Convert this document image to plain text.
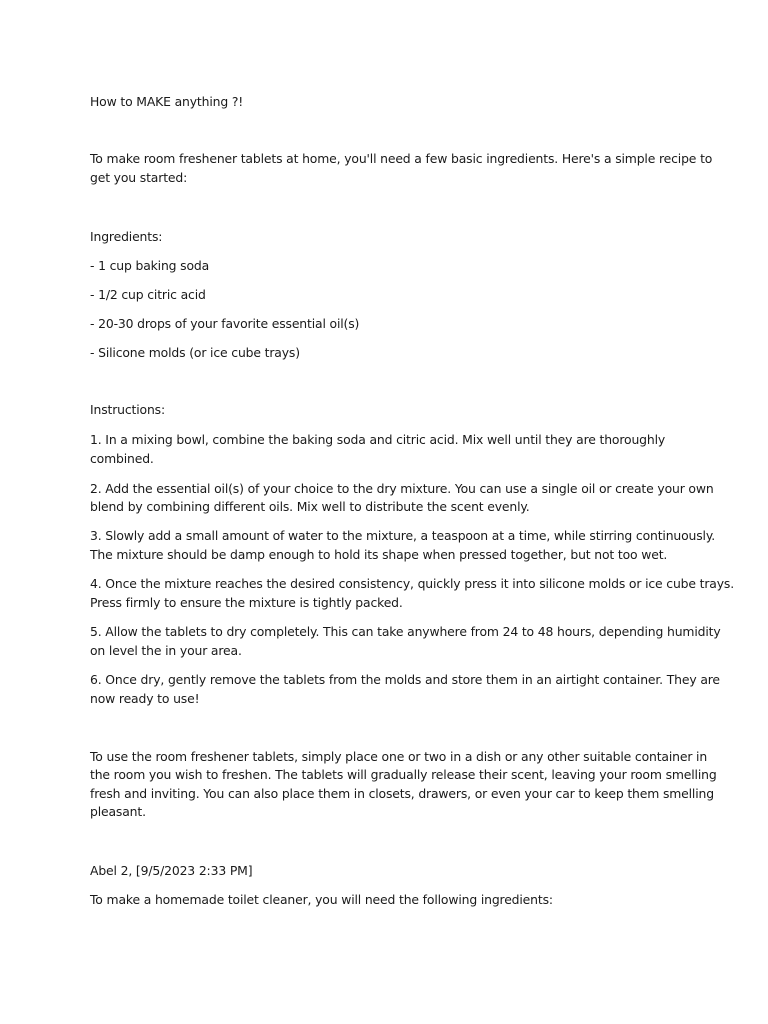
How to MAKE anything ?!
To make room freshener tablets at home, you'll need a few basic ingredients. Here's a simple recipe to
get you started:
Ingredients:
- 1 cup baking soda
- 1/2 cup citric acid
- 20-30 drops of your favorite essential oil(s)
- Silicone molds (or ice cube trays)
Instructions:
1. In a mixing bowl, combine the baking soda and citric acid. Mix well until they are thoroughly
combined.
2. Add the essential oil(s) of your choice to the dry mixture. You can use a single oil or create your own
blend by combining different oils. Mix well to distribute the scent evenly.
3. Slowly add a small amount of water to the mixture, a teaspoon at a time, while stirring continuously.
The mixture should be damp enough to hold its shape when pressed together, but not too wet.
4. Once the mixture reaches the desired consistency, quickly press it into silicone molds or ice cube trays.
Press firmly to ensure the mixture is tightly packed.
5. Allow the tablets to dry completely. This can take anywhere from 24 to 48 hours, depending humidity
on level the in your area.
6. Once dry, gently remove the tablets from the molds and store them in an airtight container. They are
now ready to use!
To use the room freshener tablets, simply place one or two in a dish or any other suitable container in
the room you wish to freshen. The tablets will gradually release their scent, leaving your room smelling
fresh and inviting. You can also place them in closets, drawers, or even your car to keep them smelling
pleasant.
Abel 2, [9/5/2023 2:33 PM]
To make a homemade toilet cleaner, you will need the following ingredients:
